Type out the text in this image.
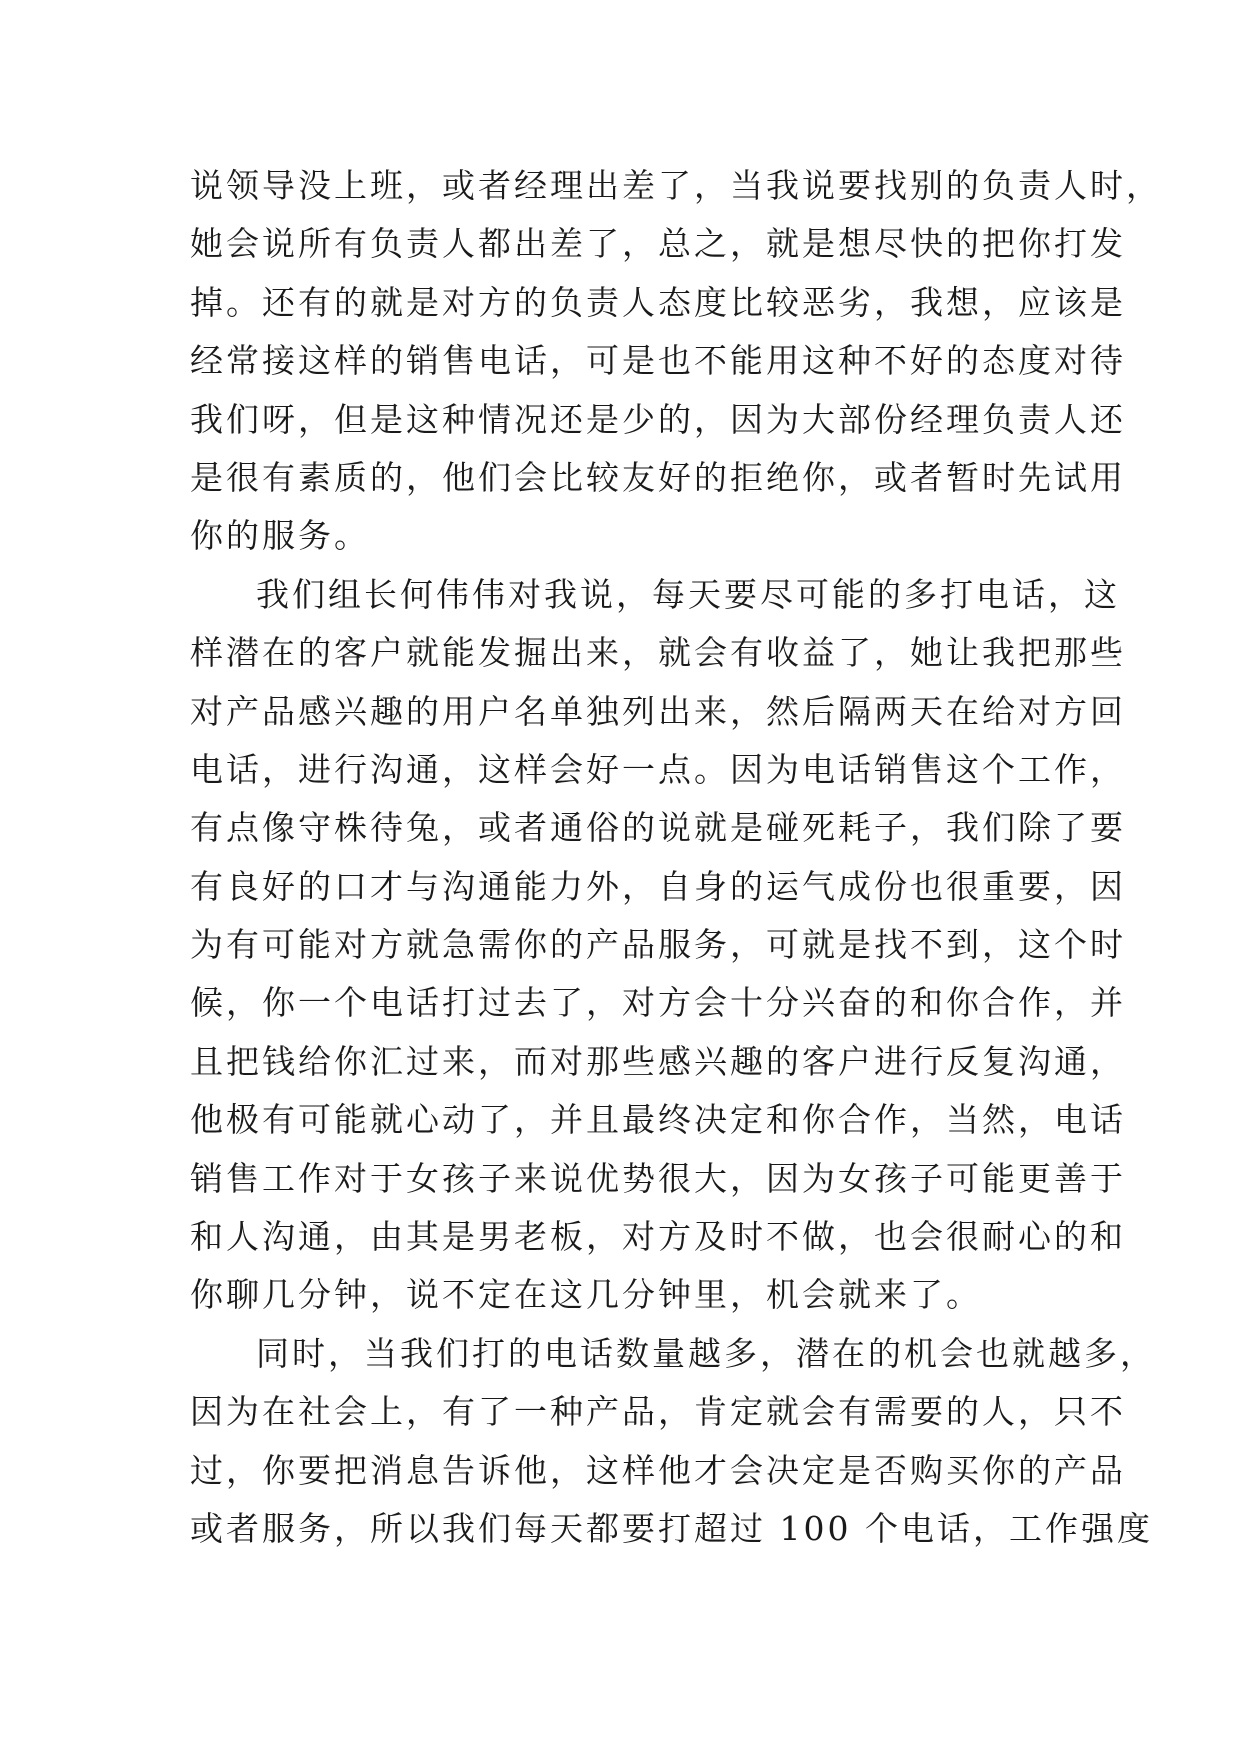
说领导没上班，或者经理出差了，当我说要找别的负责人时，
她会说所有负责人都出差了，总之，就是想尽快的把你打发
掉。还有的就是对方的负责人态度比较恶劣，我想，应该是
经常接这样的销售电话，可是也不能用这种不好的态度对待
我们呀，但是这种情况还是少的，因为大部份经理负责人还
是很有素质的，他们会比较友好的拒绝你，或者暂时先试用
你的服务。
我们组长何伟伟对我说，每天要尽可能的多打电话，这
样潜在的客户就能发掘出来，就会有收益了，她让我把那些
对产品感兴趣的用户名单独列出来，然后隔两天在给对方回
电话，进行沟通，这样会好一点。因为电话销售这个工作，
有点像守株待兔，或者通俗的说就是碰死耗子，我们除了要
有良好的口才与沟通能力外，自身的运气成份也很重要，因
为有可能对方就急需你的产品服务，可就是找不到，这个时
候，你一个电话打过去了，对方会十分兴奋的和你合作，并
且把钱给你汇过来，而对那些感兴趣的客户进行反复沟通，
他极有可能就心动了，并且最终决定和你合作，当然，电话
销售工作对于女孩子来说优势很大，因为女孩子可能更善于
和人沟通，由其是男老板，对方及时不做，也会很耐心的和
你聊几分钟，说不定在这几分钟里，机会就来了。
同时，当我们打的电话数量越多，潜在的机会也就越多，
因为在社会上，有了一种产品，肯定就会有需要的人，只不
过，你要把消息告诉他，这样他才会决定是否购买你的产品
或者服务，所以我们每天都要打超过 100 个电话，工作强度
